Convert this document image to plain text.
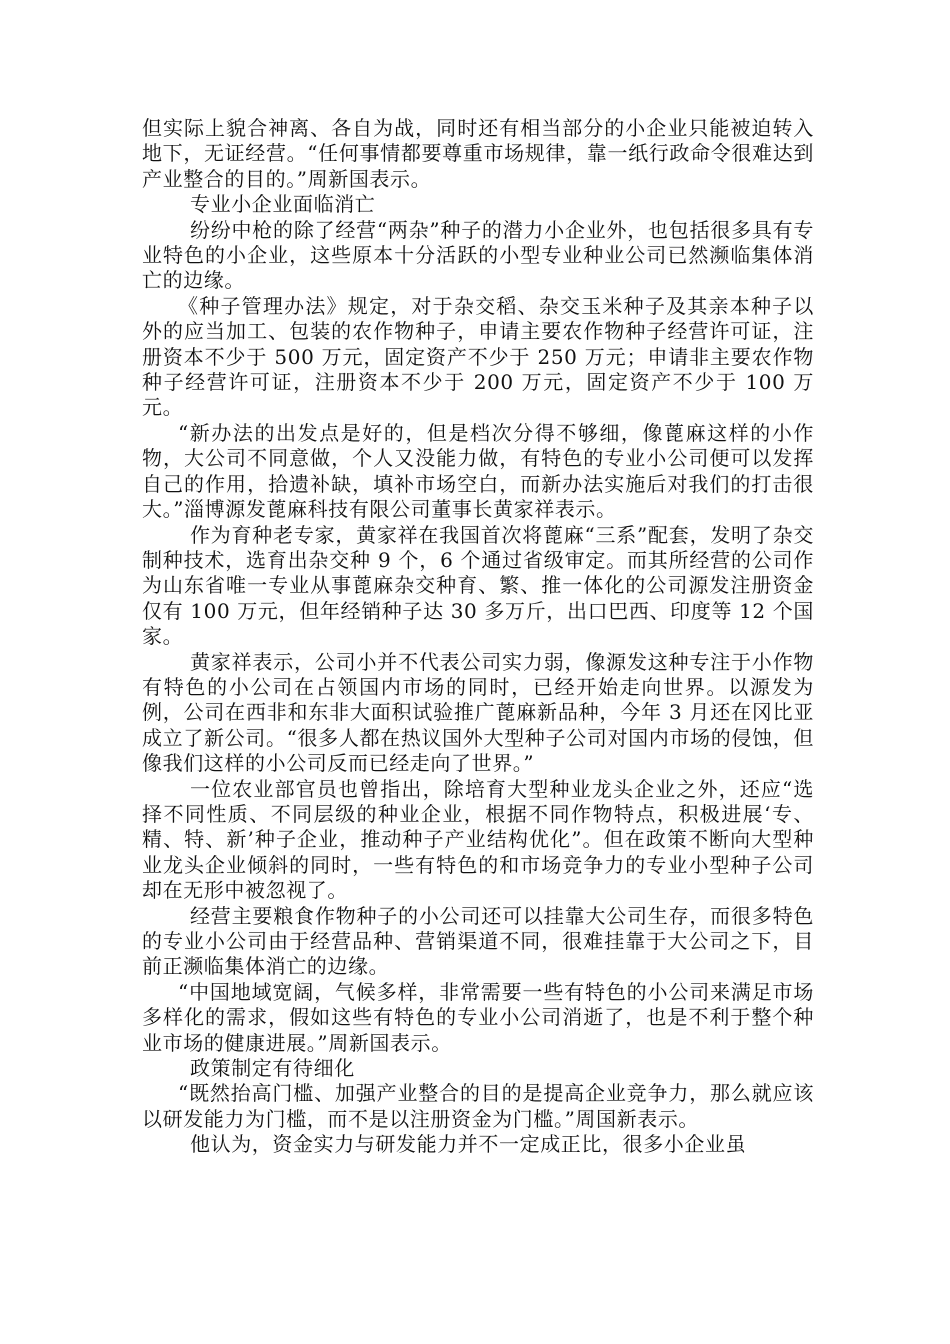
但实际上貌合神离、各自为战，同时还有相当部分的小企业只能被迫转入地下，无证经营。“任何事情都要尊重市场规律，靠一纸行政命令很难达到产业整合的目的。”周新国表示。

专业小企业面临消亡

纷纷中枪的除了经营“两杂”种子的潜力小企业外，也包括很多具有专业特色的小企业，这些原本十分活跃的小型专业种业公司已然濒临集体消亡的边缘。

《种子管理办法》规定，对于杂交稻、杂交玉米种子及其亲本种子以外的应当加工、包装的农作物种子，申请主要农作物种子经营许可证，注册资本不少于 500 万元，固定资产不少于 250 万元；申请非主要农作物种子经营许可证，注册资本不少于 200 万元，固定资产不少于 100 万元。

“新办法的出发点是好的，但是档次分得不够细，像蓖麻这样的小作物，大公司不同意做，个人又没能力做，有特色的专业小公司便可以发挥自己的作用，拾遗补缺，填补市场空白，而新办法实施后对我们的打击很大。”淄博源发蓖麻科技有限公司董事长黄家祥表示。

作为育种老专家，黄家祥在我国首次将蓖麻“三系”配套，发明了杂交制种技术，选育出杂交种 9 个，6 个通过省级审定。而其所经营的公司作为山东省唯一专业从事蓖麻杂交种育、繁、推一体化的公司源发注册资金仅有 100 万元，但年经销种子达 30 多万斤，出口巴西、印度等 12 个国家。

黄家祥表示，公司小并不代表公司实力弱，像源发这种专注于小作物有特色的小公司在占领国内市场的同时，已经开始走向世界。以源发为例，公司在西非和东非大面积试验推广蓖麻新品种，今年 3 月还在冈比亚成立了新公司。“很多人都在热议国外大型种子公司对国内市场的侵蚀，但像我们这样的小公司反而已经走向了世界。”

一位农业部官员也曾指出，除培育大型种业龙头企业之外，还应“选择不同性质、不同层级的种业企业，根据不同作物特点，积极进展‘专、精、特、新’种子企业，推动种子产业结构优化”。但在政策不断向大型种业龙头企业倾斜的同时，一些有特色的和市场竞争力的专业小型种子公司却在无形中被忽视了。

经营主要粮食作物种子的小公司还可以挂靠大公司生存，而很多特色的专业小公司由于经营品种、营销渠道不同，很难挂靠于大公司之下，目前正濒临集体消亡的边缘。

“中国地域宽阔，气候多样，非常需要一些有特色的小公司来满足市场多样化的需求，假如这些有特色的专业小公司消逝了，也是不利于整个种业市场的健康进展。”周新国表示。

政策制定有待细化

“既然抬高门槛、加强产业整合的目的是提高企业竞争力，那么就应该以研发能力为门槛，而不是以注册资金为门槛。”周国新表示。

他认为，资金实力与研发能力并不一定成正比，很多小企业虽
